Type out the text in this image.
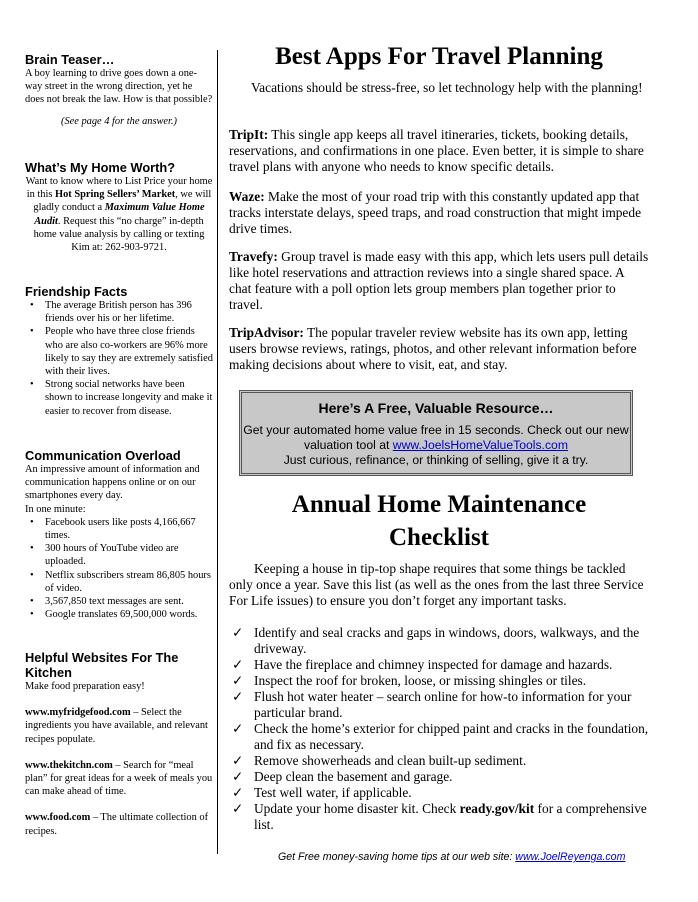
Brain Teaser…

A boy learning to drive goes down a one-way street in the wrong direction, yet he does not break the law. How is that possible?

(See page 4 for the answer.)

What’s My Home Worth?

Want to know where to List Price your home in this Hot Spring Sellers’ Market, we will gladly conduct a Maximum Value Home Audit. Request this “no charge” in-depth home value analysis by calling or texting Kim at: 262-903-9721.

Friendship Facts
• The average British person has 396 friends over his or her lifetime.
• People who have three close friends who are also co-workers are 96% more likely to say they are extremely satisfied with their lives.
• Strong social networks have been shown to increase longevity and make it easier to recover from disease.
Communication Overload

An impressive amount of information and communication happens online or on our smartphones every day.

In one minute:

• Facebook users like posts 4,166,667 times.
• 300 hours of YouTube video are uploaded.
• Netflix subscribers stream 86,805 hours of video.
• 3,567,850 text messages are sent.
• Google translates 69,500,000 words.
Helpful Websites For The Kitchen

Make food preparation easy!

www.myfridgefood.com – Select the ingredients you have available, and relevant recipes populate.

www.thekitchn.com – Search for “meal plan” for great ideas for a week of meals you can make ahead of time.

www.food.com – The ultimate collection of recipes.

Best Apps For Travel Planning

Vacations should be stress-free, so let technology help with the planning!

TripIt: This single app keeps all travel itineraries, tickets, booking details, reservations, and confirmations in one place. Even better, it is simple to share travel plans with anyone who needs to know specific details.

Waze: Make the most of your road trip with this constantly updated app that tracks interstate delays, speed traps, and road construction that might impede drive times.

Travefy: Group travel is made easy with this app, which lets users pull details like hotel reservations and attraction reviews into a single shared space. A chat feature with a poll option lets group members plan together prior to travel.

TripAdvisor: The popular traveler review website has its own app, letting users browse reviews, ratings, photos, and other relevant information before making decisions about where to visit, eat, and stay.

Here’s A Free, Valuable Resource…
Get your automated home value free in 15 seconds. Check out our new valuation tool at www.JoelsHomeValueTools.com
Just curious, refinance, or thinking of selling, give it a try.
Annual Home Maintenance Checklist

Keeping a house in tip-top shape requires that some things be tackled only once a year. Save this list (as well as the ones from the last three Service For Life issues) to ensure you don’t forget any important tasks.

✓ Identify and seal cracks and gaps in windows, doors, walkways, and the driveway.
✓ Have the fireplace and chimney inspected for damage and hazards.
✓ Inspect the roof for broken, loose, or missing shingles or tiles.
✓ Flush hot water heater – search online for how-to information for your particular brand.
✓ Check the home’s exterior for chipped paint and cracks in the foundation, and fix as necessary.
✓ Remove showerheads and clean built-up sediment.
✓ Deep clean the basement and garage.
✓ Test well water, if applicable.
✓ Update your home disaster kit. Check ready.gov/kit for a comprehensive list.
Get Free money-saving home tips at our web site: www.JoelReyenga.com
